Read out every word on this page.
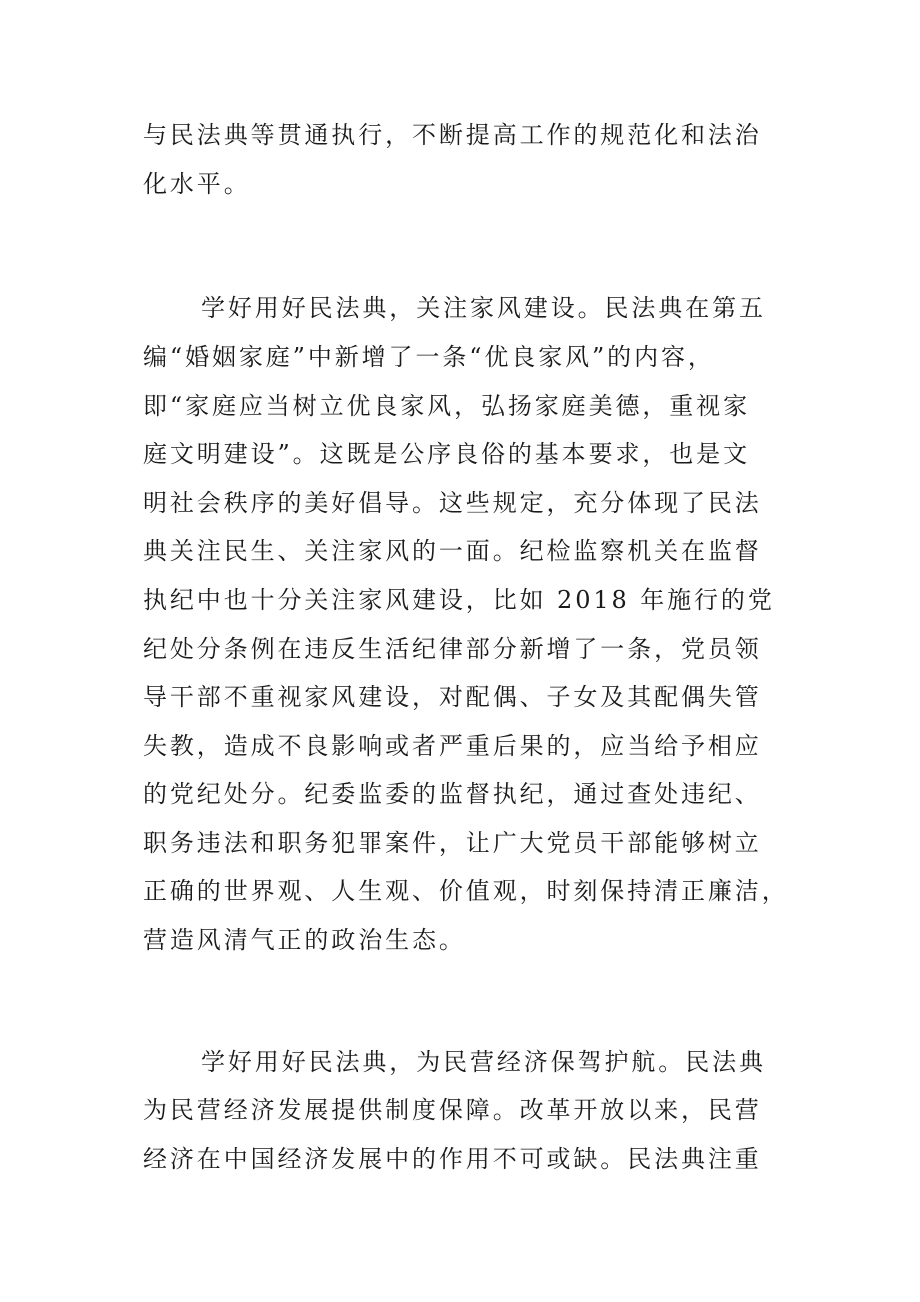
与民法典等贯通执行，不断提高工作的规范化和法治
化水平。
学好用好民法典，关注家风建设。民法典在第五
编“婚姻家庭”中新增了一条“优良家风”的内容，
即“家庭应当树立优良家风，弘扬家庭美德，重视家
庭文明建设”。这既是公序良俗的基本要求，也是文
明社会秩序的美好倡导。这些规定，充分体现了民法
典关注民生、关注家风的一面。纪检监察机关在监督
执纪中也十分关注家风建设，比如 2018 年施行的党
纪处分条例在违反生活纪律部分新增了一条，党员领
导干部不重视家风建设，对配偶、子女及其配偶失管
失教，造成不良影响或者严重后果的，应当给予相应
的党纪处分。纪委监委的监督执纪，通过查处违纪、
职务违法和职务犯罪案件，让广大党员干部能够树立
正确的世界观、人生观、价值观，时刻保持清正廉洁，
营造风清气正的政治生态。
学好用好民法典，为民营经济保驾护航。民法典
为民营经济发展提供制度保障。改革开放以来，民营
经济在中国经济发展中的作用不可或缺。民法典注重
